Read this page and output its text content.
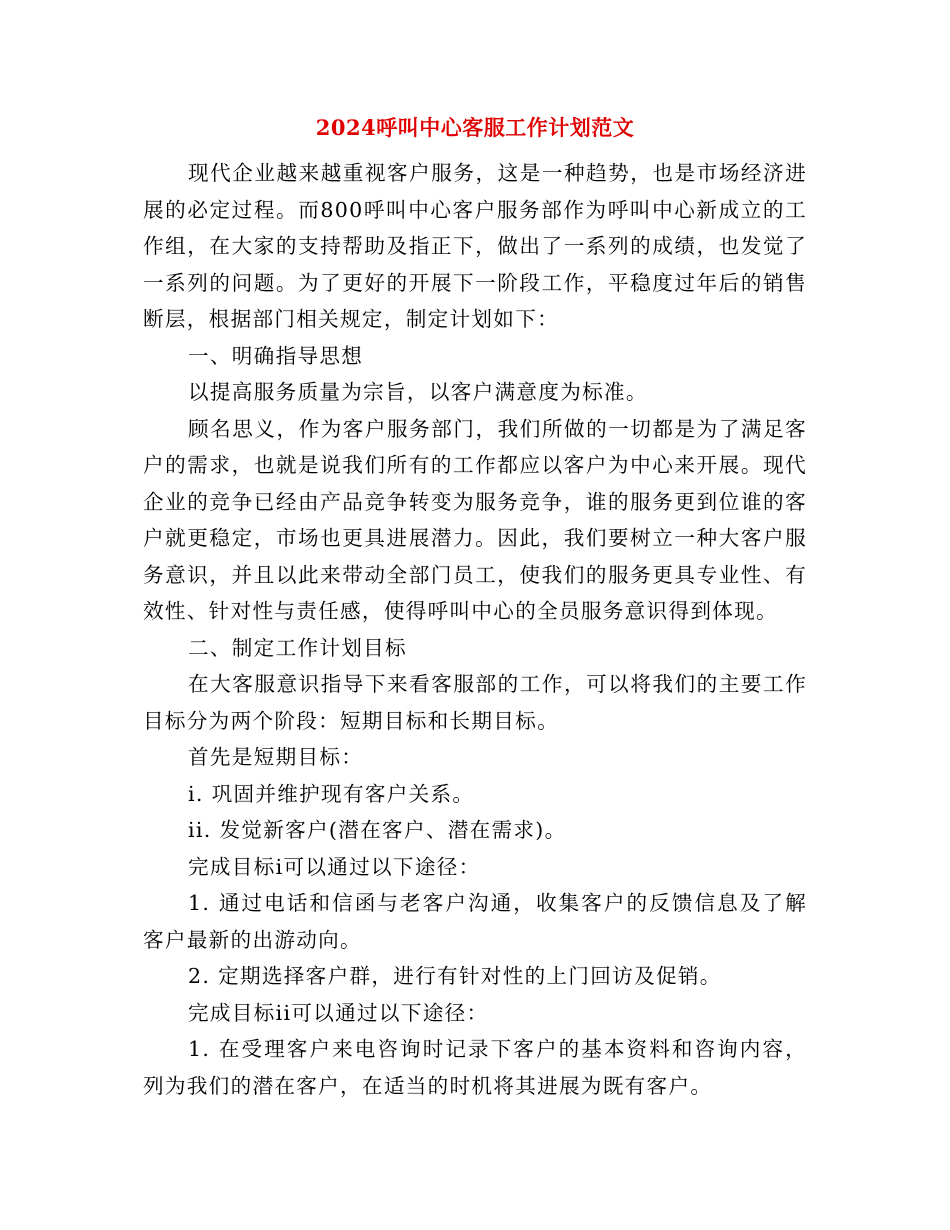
2024呼叫中心客服工作计划范文

现代企业越来越重视客户服务，这是一种趋势，也是市场经济进展的必定过程。而800呼叫中心客户服务部作为呼叫中心新成立的工作组，在大家的支持帮助及指正下，做出了一系列的成绩，也发觉了一系列的问题。为了更好的开展下一阶段工作，平稳度过年后的销售断层，根据部门相关规定，制定计划如下：

一、明确指导思想

以提高服务质量为宗旨，以客户满意度为标准。

顾名思义，作为客户服务部门，我们所做的一切都是为了满足客户的需求，也就是说我们所有的工作都应以客户为中心来开展。现代企业的竞争已经由产品竞争转变为服务竞争，谁的服务更到位谁的客户就更稳定，市场也更具进展潜力。因此，我们要树立一种大客户服务意识，并且以此来带动全部门员工，使我们的服务更具专业性、有效性、针对性与责任感，使得呼叫中心的全员服务意识得到体现。

二、制定工作计划目标

在大客服意识指导下来看客服部的工作，可以将我们的主要工作目标分为两个阶段：短期目标和长期目标。

首先是短期目标：

i. 巩固并维护现有客户关系。

ii. 发觉新客户(潜在客户、潜在需求)。

完成目标i可以通过以下途径：

1. 通过电话和信函与老客户沟通，收集客户的反馈信息及了解客户最新的出游动向。

2. 定期选择客户群，进行有针对性的上门回访及促销。

完成目标ii可以通过以下途径：

1. 在受理客户来电咨询时记录下客户的基本资料和咨询内容，列为我们的潜在客户，在适当的时机将其进展为既有客户。
